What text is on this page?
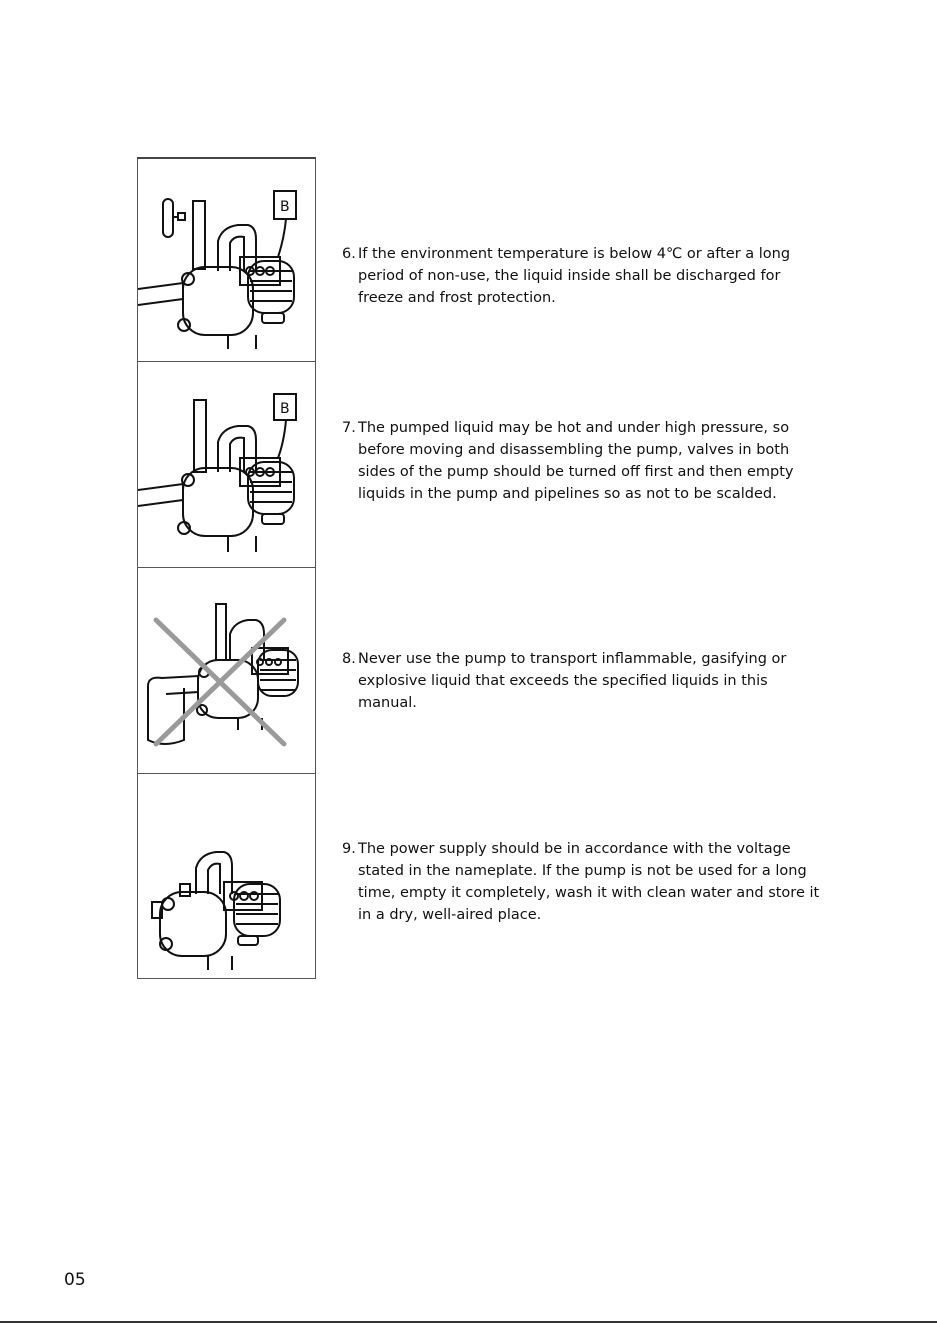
B
B
6. If the environment temperature is below 4℃ or after a long period of non-use, the liquid inside shall be discharged for freeze and frost protection.
7. The pumped liquid may be hot and under high pressure, so before moving and disassembling the pump, valves in both sides of the pump should be turned off first and then empty liquids in the pump and pipelines so as not to be scalded.
8. Never use the pump to transport inflammable, gasifying or explosive liquid that exceeds the specified liquids in this manual.
9. The power supply should be in accordance with the voltage stated in the nameplate. If the pump is not be used for a long time, empty it completely, wash it with clean water and store it in a dry, well-aired place.
05
